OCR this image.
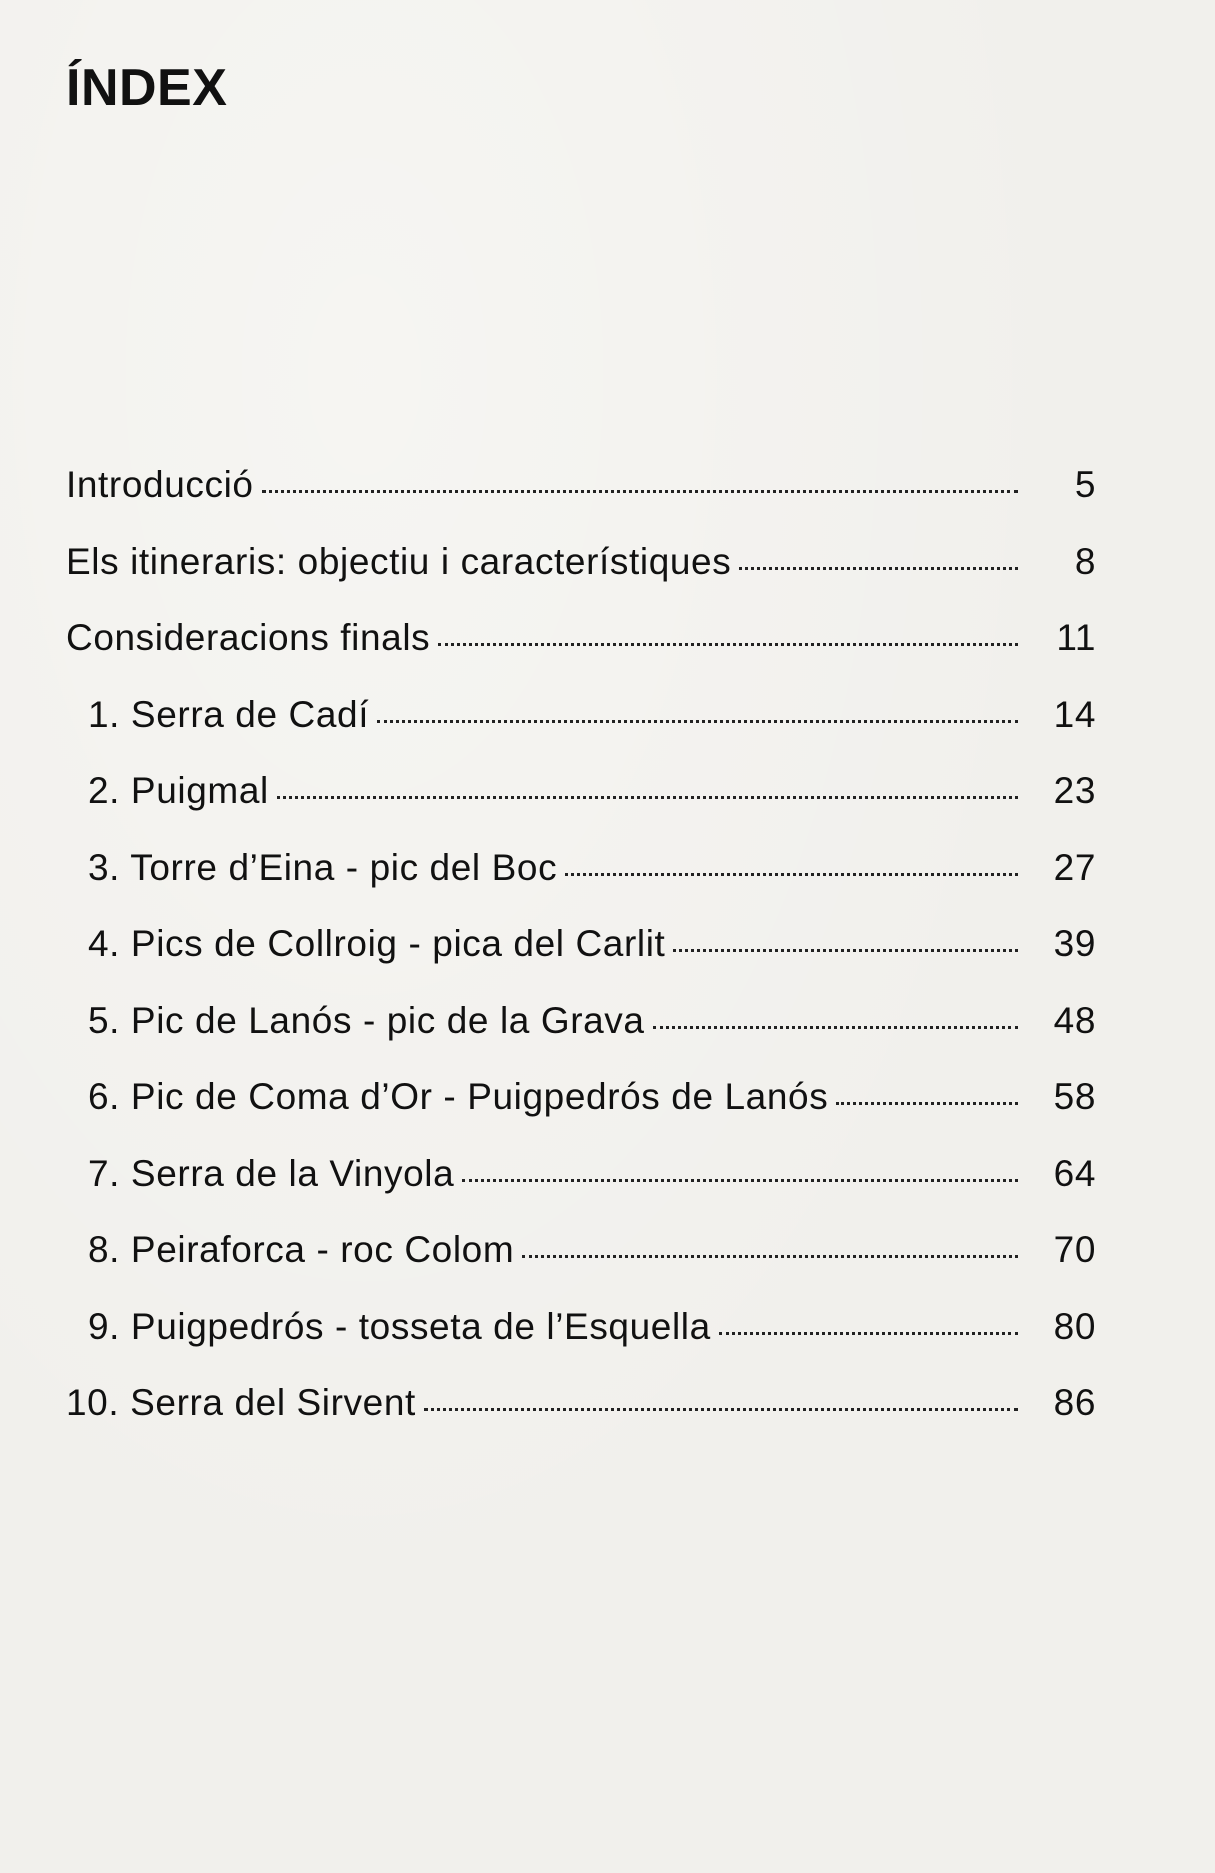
ÍNDEX
Introducció	5
Els itineraris: objectiu i característiques	8
Consideracions finals	11
1. Serra de Cadí	14
2. Puigmal	23
3. Torre d’Eina - pic del Boc	27
4. Pics de Collroig - pica del Carlit	39
5. Pic de Lanós - pic de la Grava	48
6. Pic de Coma d’Or - Puigpedrós de Lanós	58
7. Serra de la Vinyola	64
8. Peiraforca - roc Colom	70
9. Puigpedrós - tosseta de l’Esquella	80
10. Serra del Sirvent	86
